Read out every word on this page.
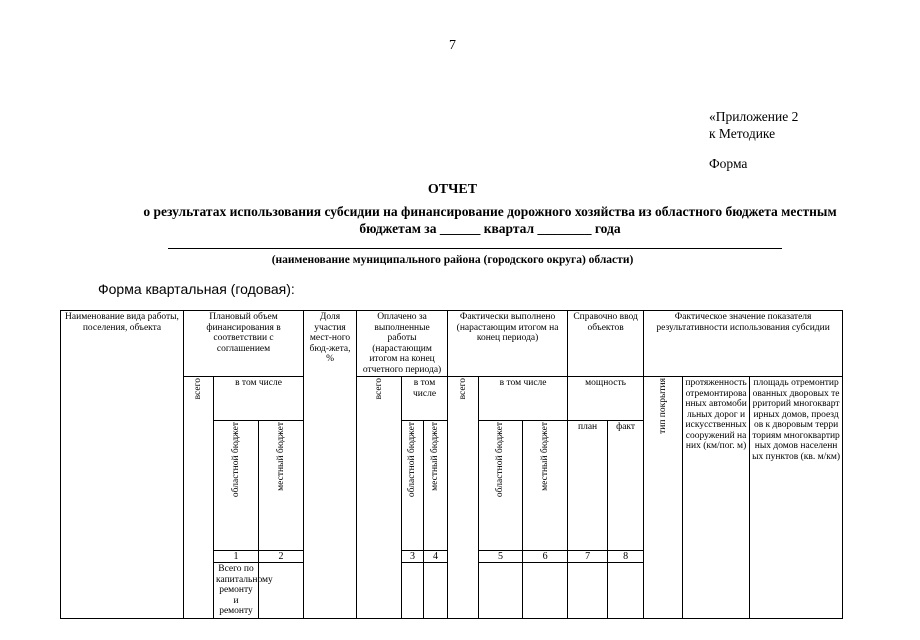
7
«Приложение 2
к Методике
Форма
ОТЧЕТ
о результатах использования субсидии на финансирование дорожного хозяйства из областного бюджета местным
бюджетам за ______ квартал ________ года
(наименование муниципального района (городского округа) области)
Форма квартальная (годовая):
Наименование вида работы, поселения, объекта	Плановый объем финансирования в соответствии с соглашением			Доля участия мест-ного бюд-жета, %	Оплачено за выполненные работы (нарастающим итогом на конец отчетного периода)			Фактически выполнено (нарастающим итогом на конец периода)			Справочно ввод объектов		Фактическое значение показателя результативности использования субсидии			
	всего	в том числе			всего	в том числе		всего	в том числе		мощность		тип покрытия	протяженность отремонтированных автомобильных дорог и искусственных сооружений на них (км/пог. м)	площадь отремонтированных дворовых территорий многоквартирных домов, проездов к дворовым территориям многоквартирных домов населенных пунктов (кв. м/км)	
		областной бюджет	местный бюджет			областной бюджет	местный бюджет		областной бюджет	местный бюджет	план	факт				
		1	2			3	4		5	6	7	8								
		Всего по капитальному ремонту и ремонту															
